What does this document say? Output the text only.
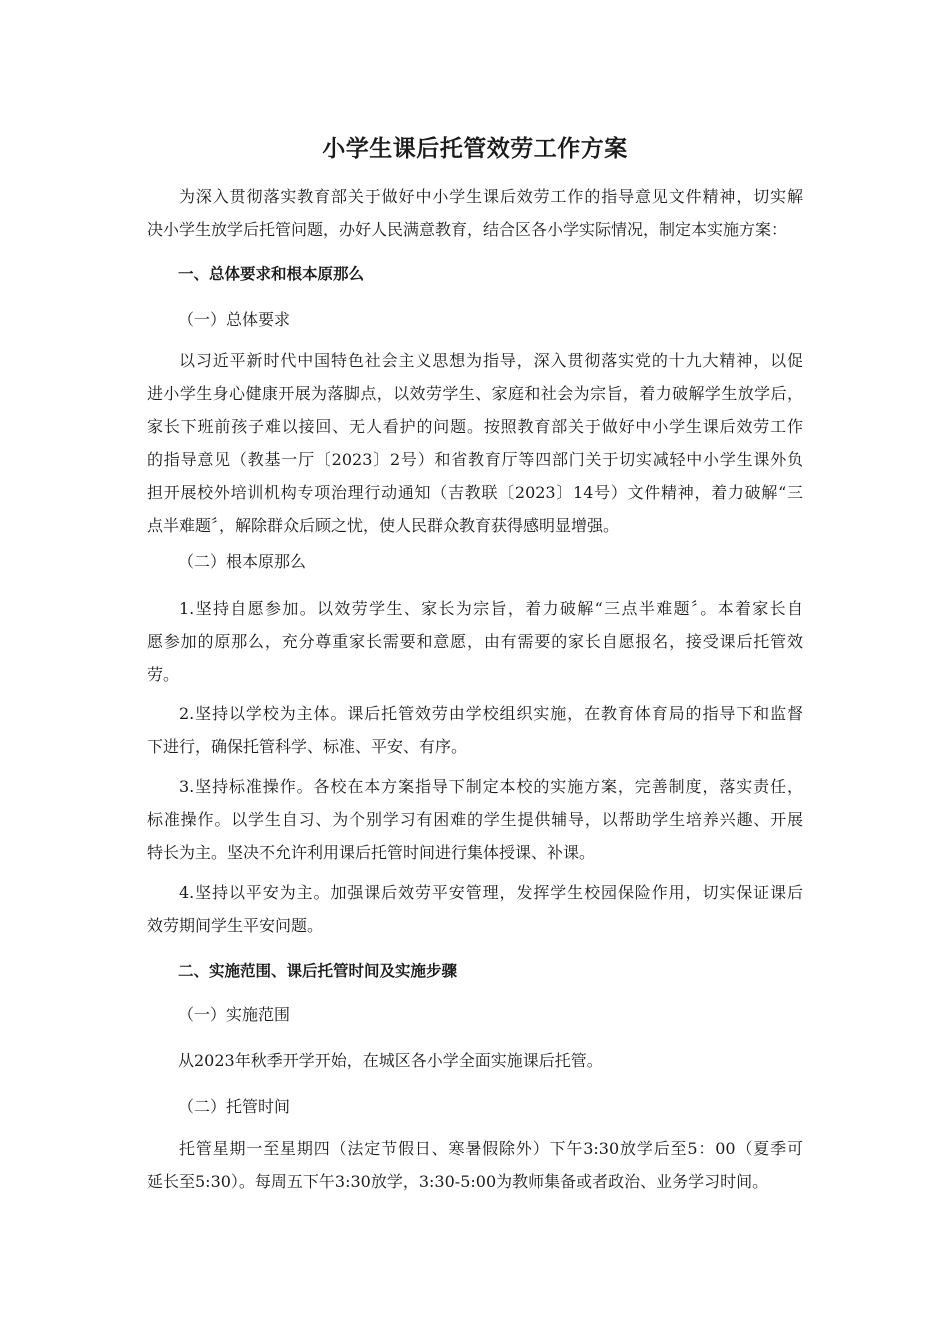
小学生课后托管效劳工作方案
为深入贯彻落实教育部关于做好中小学生课后效劳工作的指导意见文件精神，切实解
决小学生放学后托管问题，办好人民满意教育，结合区各小学实际情况，制定本实施方案：
一、总体要求和根本原那么
（一）总体要求
以习近平新时代中国特色社会主义思想为指导，深入贯彻落实党的十九大精神，以促
进小学生身心健康开展为落脚点，以效劳学生、家庭和社会为宗旨，着力破解学生放学后，
家长下班前孩子难以接回、无人看护的问题。按照教育部关于做好中小学生课后效劳工作
的指导意见（教基一厅〔2023〕2号）和省教育厅等四部门关于切实减轻中小学生课外负
担开展校外培训机构专项治理行动通知（吉教联〔2023〕14号）文件精神，着力破解“三
点半难题〞，解除群众后顾之忧，使人民群众教育获得感明显增强。
（二）根本原那么
1.坚持自愿参加。以效劳学生、家长为宗旨，着力破解“三点半难题〞。本着家长自
愿参加的原那么，充分尊重家长需要和意愿，由有需要的家长自愿报名，接受课后托管效
劳。
2.坚持以学校为主体。课后托管效劳由学校组织实施，在教育体育局的指导下和监督
下进行，确保托管科学、标准、平安、有序。
3.坚持标准操作。各校在本方案指导下制定本校的实施方案，完善制度，落实责任，
标准操作。以学生自习、为个别学习有困难的学生提供辅导，以帮助学生培养兴趣、开展
特长为主。坚决不允许利用课后托管时间进行集体授课、补课。
4.坚持以平安为主。加强课后效劳平安管理，发挥学生校园保险作用，切实保证课后
效劳期间学生平安问题。
二、实施范围、课后托管时间及实施步骤
（一）实施范围
从2023年秋季开学开始，在城区各小学全面实施课后托管。
（二）托管时间
托管星期一至星期四（法定节假日、寒暑假除外）下午3:30放学后至5：00（夏季可
延长至5:30）。每周五下午3:30放学，3:30-5:00为教师集备或者政治、业务学习时间。
